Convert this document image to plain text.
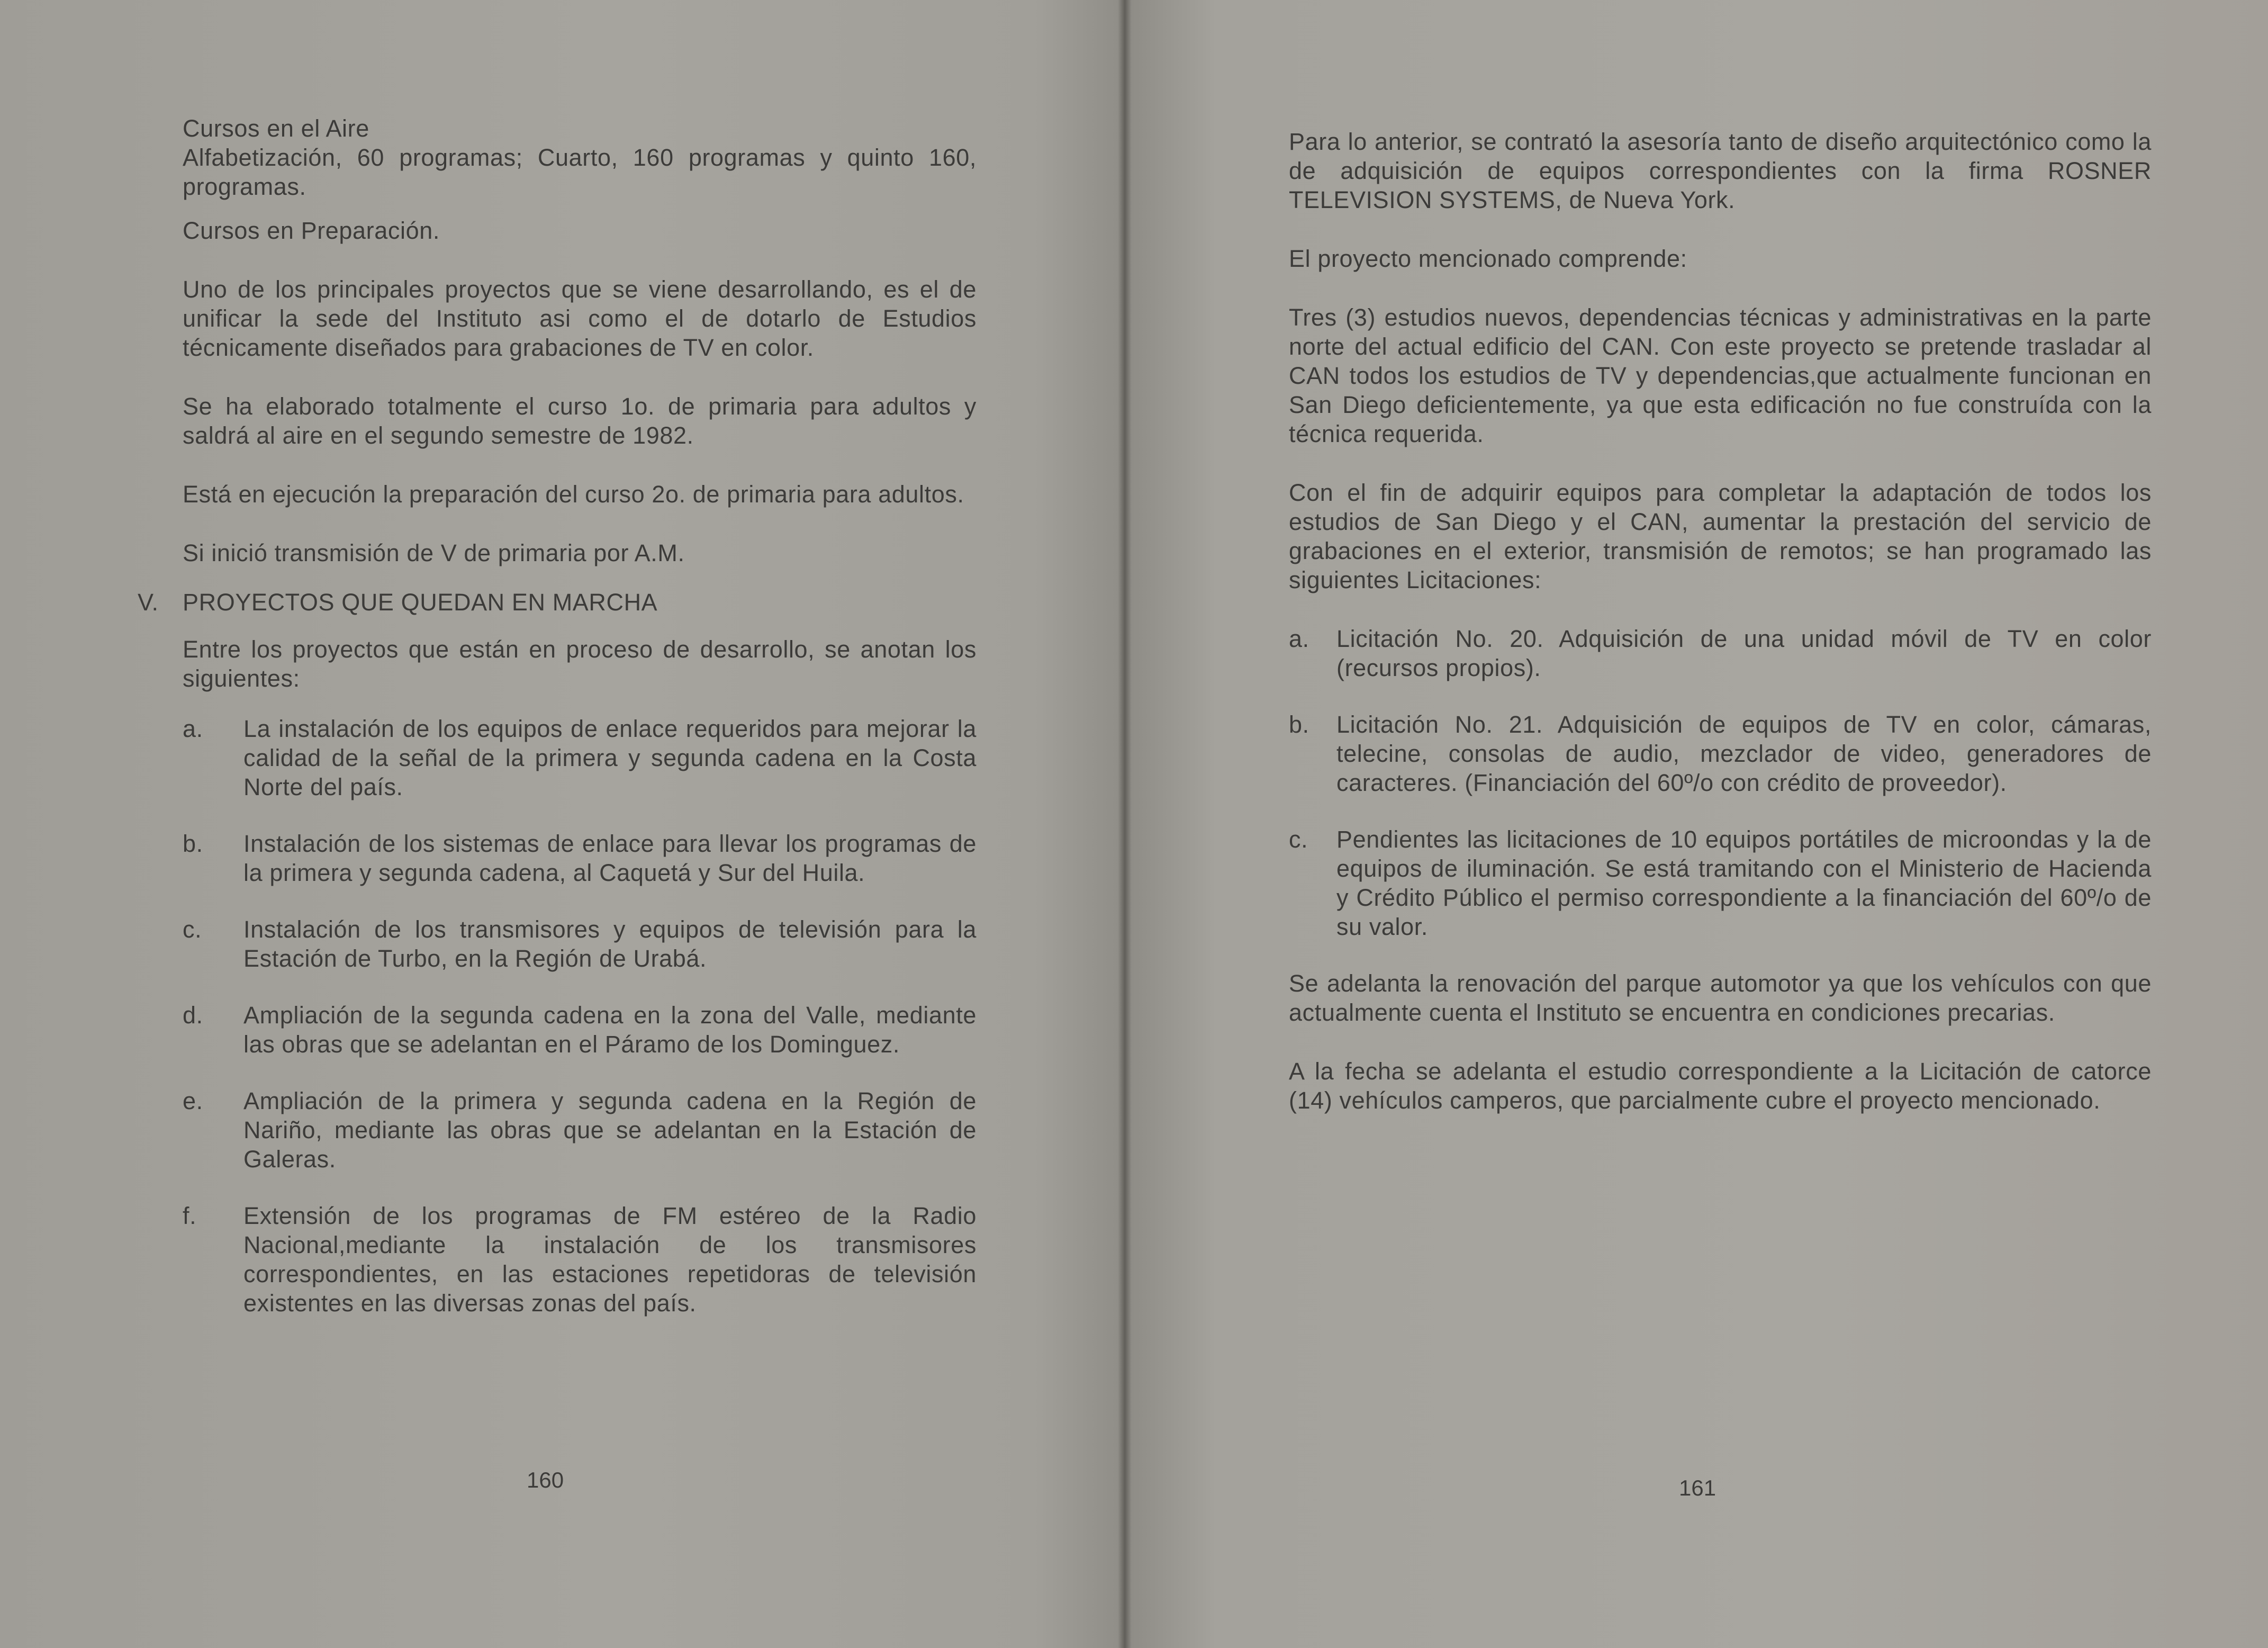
Cursos en el Aire
Alfabetización, 60 programas; Cuarto, 160 programas y quinto 160, programas.

Cursos en Preparación.

Uno de los principales proyectos que se viene desarrollando, es el de unificar la sede del Instituto asi como el de dotarlo de Estudios técnicamente diseñados para grabaciones de TV en color.

Se ha elaborado totalmente el curso 1o. de primaria para adultos y saldrá al aire en el segundo semestre de 1982.

Está en ejecución la preparación del curso 2o. de primaria para adultos.

Si inició transmisión de V de primaria por A.M.

V.	PROYECTOS QUE QUEDAN EN MARCHA

Entre los proyectos que están en proceso de desarrollo, se anotan los siguientes:

a.	La instalación de los equipos de enlace requeridos para mejorar la calidad de la señal de la primera y segunda cadena en la Costa Norte del país.
b.	Instalación de los sistemas de enlace para llevar los programas de la primera y segunda cadena, al Caquetá y Sur del Huila.
c.	Instalación de los transmisores y equipos de televisión para la Estación de Turbo, en la Región de Urabá.
d.	Ampliación de la segunda cadena en la zona del Valle, mediante las obras que se adelantan en el Páramo de los Dominguez.
e.	Ampliación de la primera y segunda cadena en la Región de Nariño, mediante las obras que se adelantan en la Estación de Galeras.
f.	Extensión de los programas de FM estéreo de la Radio Nacional,mediante la instalación de los transmisores correspondientes, en las estaciones repetidoras de televisión existentes en las diversas zonas del país.
160

Para lo anterior, se contrató la asesoría tanto de diseño arquitectónico como la de adquisición de equipos correspondientes con la firma ROSNER TELEVISION SYSTEMS, de Nueva York.

El proyecto mencionado comprende:

Tres (3) estudios nuevos, dependencias técnicas y administrativas en la parte norte del actual edificio del CAN. Con este proyecto se pretende trasladar al CAN todos los estudios de TV y dependencias,que actualmente funcionan en San Diego deficientemente, ya que esta edificación no fue construída con la técnica requerida.

Con el fin de adquirir equipos para completar la adaptación de todos los estudios de San Diego y el CAN, aumentar la prestación del servicio de grabaciones en el exterior, transmisión de remotos; se han programado las siguientes Licitaciones:

a.	Licitación No. 20. Adquisición de una unidad móvil de TV en color (recursos propios).
b.	Licitación No. 21. Adquisición de equipos de TV en color, cámaras, telecine, consolas de audio, mezclador de video, generadores de caracteres. (Financiación del 60º/o con crédito de proveedor).
c.	Pendientes las licitaciones de 10 equipos portátiles de microondas y la de equipos de iluminación. Se está tramitando con el Ministerio de Hacienda y Crédito Público el permiso correspondiente a la financiación del 60º/o de su valor.

Se adelanta la renovación del parque automotor ya que los vehículos con que actualmente cuenta el Instituto se encuentra en condiciones precarias.

A la fecha se adelanta el estudio correspondiente a la Licitación de catorce (14) vehículos camperos, que parcialmente cubre el proyecto mencionado.

161
